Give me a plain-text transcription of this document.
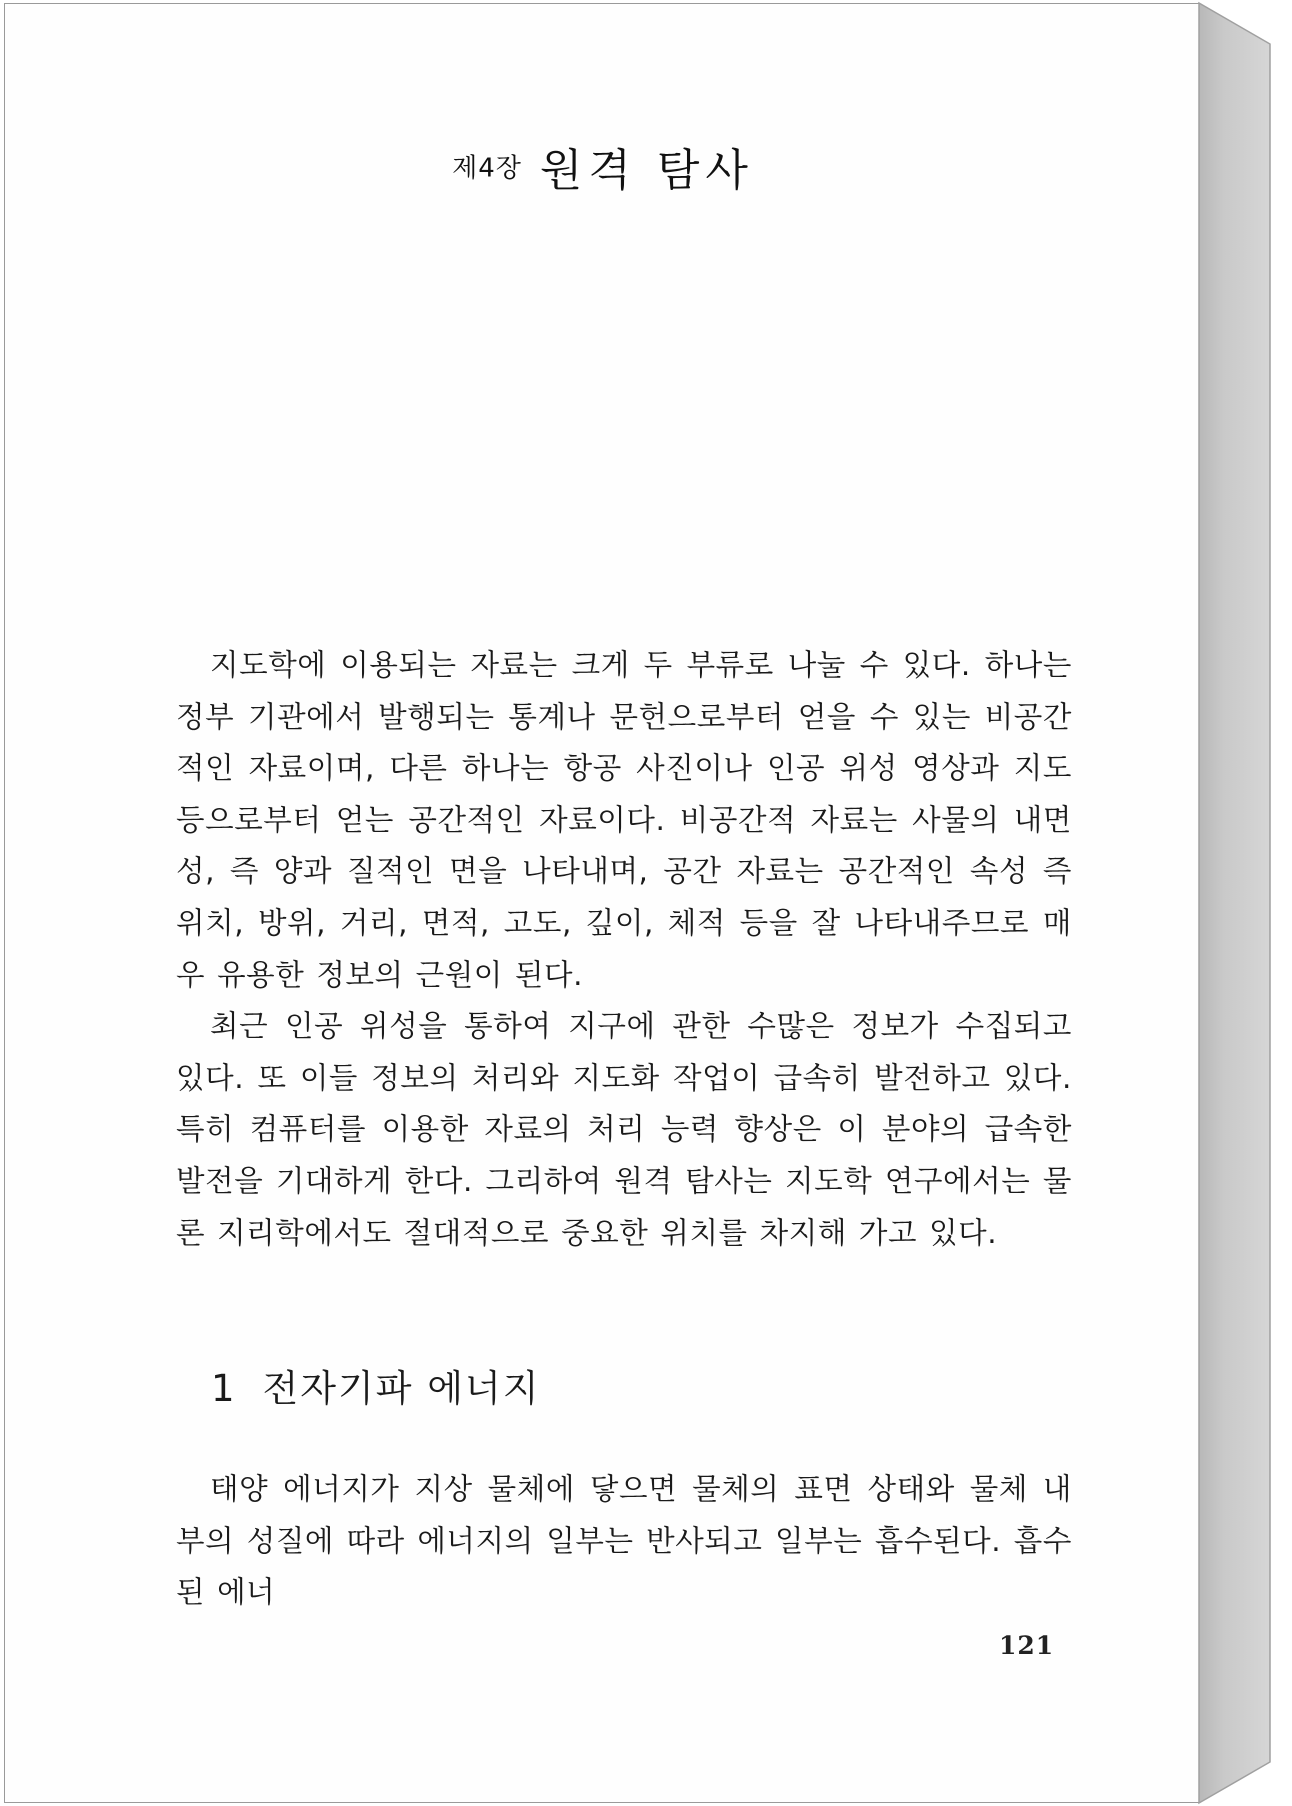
제4장 원격 탐사

지도학에 이용되는 자료는 크게 두 부류로 나눌 수 있다. 하나는 정부 기관에서 발행되는 통계나 문헌으로부터 얻을 수 있는 비공간적인 자료이며, 다른 하나는 항공 사진이나 인공 위성 영상과 지도 등으로부터 얻는 공간적인 자료이다. 비공간적 자료는 사물의 내면성, 즉 양과 질적인 면을 나타내며, 공간 자료는 공간적인 속성 즉 위치, 방위, 거리, 면적, 고도, 깊이, 체적 등을 잘 나타내주므로 매우 유용한 정보의 근원이 된다.

최근 인공 위성을 통하여 지구에 관한 수많은 정보가 수집되고 있다. 또 이들 정보의 처리와 지도화 작업이 급속히 발전하고 있다. 특히 컴퓨터를 이용한 자료의 처리 능력 향상은 이 분야의 급속한 발전을 기대하게 한다. 그리하여 원격 탐사는 지도학 연구에서는 물론 지리학에서도 절대적으로 중요한 위치를 차지해 가고 있다.

1 전자기파 에너지

태양 에너지가 지상 물체에 닿으면 물체의 표면 상태와 물체 내부의 성질에 따라 에너지의 일부는 반사되고 일부는 흡수된다. 흡수된 에너

121
